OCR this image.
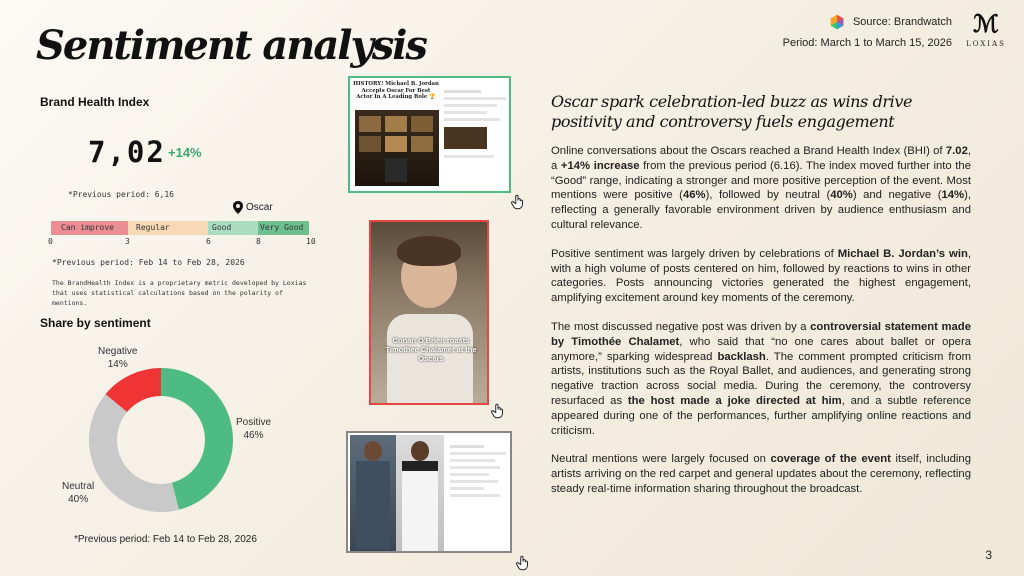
Sentiment analysis	Source: Brandwatch
Period: March 1 to March 15, 2026
ℳ
LOXIAS
Brand Health Index
7,02 +14%
*Previous period: 6,16
Oscar
Can improve	Regular	Good	Very Good
0	3	6	8	10
*Previous period: Feb 14 to Feb 28, 2026
The BrandHealth Index is a proprietary metric developed by Loxias that uses statistical calculations based on the polarity of mentions.
Share by sentiment
Negative
14%
Positive
46%
Neutral
40%
*Previous period: Feb 14 to Feb 28, 2026
HISTORY! Michael B. Jordan Accepts Oscar For Best Actor In A Leading Role 🏆
Conan O'Brien roasts Timothée Chalamet at the Oscars
Oscar spark celebration-led buzz as wins drive positivity and controversy fuels engagement

Online conversations about the Oscars reached a Brand Health Index (BHI) of 7.02, a +14% increase from the previous period (6.16). The index moved further into the “Good” range, indicating a stronger and more positive perception of the event. Most mentions were positive (46%), followed by neutral (40%) and negative (14%), reflecting a generally favorable environment driven by audience enthusiasm and cultural relevance.

Positive sentiment was largely driven by celebrations of Michael B. Jordan’s win, with a high volume of posts centered on him, followed by reactions to wins in other categories. Posts announcing victories generated the highest engagement, amplifying excitement around key moments of the ceremony.

The most discussed negative post was driven by a controversial statement made by Timothée Chalamet, who said that “no one cares about ballet or opera anymore,” sparking widespread backlash. The comment prompted criticism from artists, institutions such as the Royal Ballet, and audiences, and generating strong negative traction across social media. During the ceremony, the controversy resurfaced as the host made a joke directed at him, and a subtle reference appeared during one of the performances, further amplifying online reactions and criticism.

Neutral mentions were largely focused on coverage of the event itself, including artists arriving on the red carpet and general updates about the ceremony, reflecting steady real-time information sharing throughout the broadcast.

3
